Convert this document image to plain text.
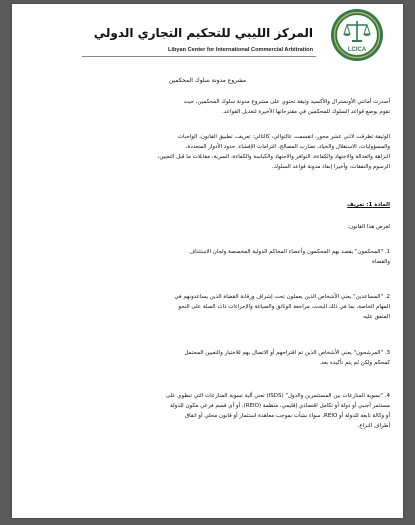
LCICA
المركز الليبي للتحكيم التجاري الدولي
Libyan Center for International Commercial Arbitration
مشروع مدونة سلوك المحكمين
أصدرت أمانتي الأونسترال والأكسيد وثيقة تحتوي على مشروع مدونة سلوك المحكمين، حيث
تقوم بوضع قواعد السلوك للمحكمين في مقترحاتها الأخيرة لتعديل القواعد.
الوثيقة تطرقت لاثني عشر محور، انقسمت عالتوالي، كالتالي: تعريف، تطبيق القانون، الواجبات
والمسؤوليات، الاستقلال والحياد، تضارب المصالح، التزامات الإفشاء، حدود الأدوار المتعددة،
النزاهة والعدالة والاجتهاد والكفاءة، التوافر والاجتهاد والكياسة والكفاءة، السرية، مقابلات ما قبل التعيين،
الرسوم والنفقات، وأخيرا إنفاذ مدونة قواعد السلوك.
المادة 1: تعريف
لغرض هذا القانون:
1. "المحكمون" يقصد بهم المحكمون وأعضاء المحاكم الدولية المخصصة ولجان الاستئناف
والقضاة
2. "المساعدين" يعني الأشخاص الذين يعملون تحت إشراف ورقابة القضاة الذين يساعدونهم في
المهام الخاصة، بما في ذلك البحث، مراجعة الوثائق والصياغة والإجراءات ذات الصلة على النحو
المتفق عليه
3. "المرشحون" يعني الأشخاص الذين تم اقتراحهم أو الاتصال بهم للاختيار والتعيين المحتمل
كمحكم ولكن لم يتم تأكيده بعد.
4. "تسوية المنازعات بين المستثمرين والدول" (ISDS) تعني آلية تسوية المنازعات التي تنطوي على
مستثمر أجنبي أو دولة أو تكامل اقتصادي إقليمي، منظمة (REIO)، أو أي قسم فرعي مكون للدولة
أو وكالة تابعة للدولة أو REIO، سواء نشأت بموجب معاهدة استثمار أو قانون محلي أو اتفاق
أطراف النزاع.
